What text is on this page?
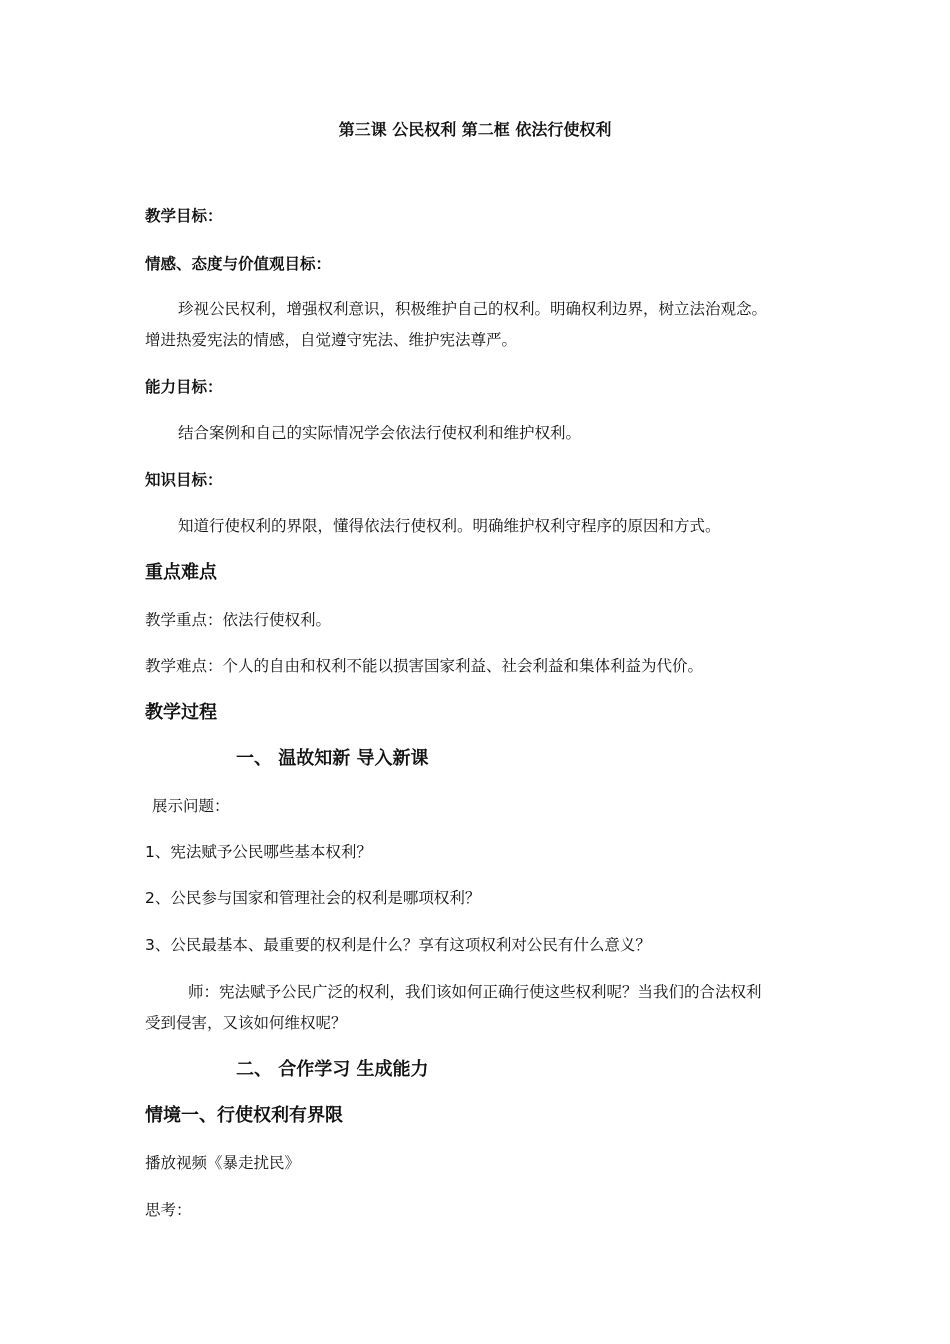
第三课 公民权利 第二框 依法行使权利
教学目标：
情感、态度与价值观目标：
珍视公民权利，增强权利意识，积极维护自己的权利。明确权利边界，树立法治观念。
增进热爱宪法的情感，自觉遵守宪法、维护宪法尊严。
能力目标：
结合案例和自己的实际情况学会依法行使权利和维护权利。
知识目标：
知道行使权利的界限，懂得依法行使权利。明确维护权利守程序的原因和方式。
重点难点
教学重点：依法行使权利。
教学难点：个人的自由和权利不能以损害国家利益、社会利益和集体利益为代价。
教学过程
一、 温故知新 导入新课
展示问题：
1、宪法赋予公民哪些基本权利？
2、公民参与国家和管理社会的权利是哪项权利？
3、公民最基本、最重要的权利是什么？享有这项权利对公民有什么意义？
师：宪法赋予公民广泛的权利，我们该如何正确行使这些权利呢？当我们的合法权利
受到侵害，又该如何维权呢？
二、 合作学习 生成能力
情境一、行使权利有界限
播放视频《暴走扰民》
思考：
